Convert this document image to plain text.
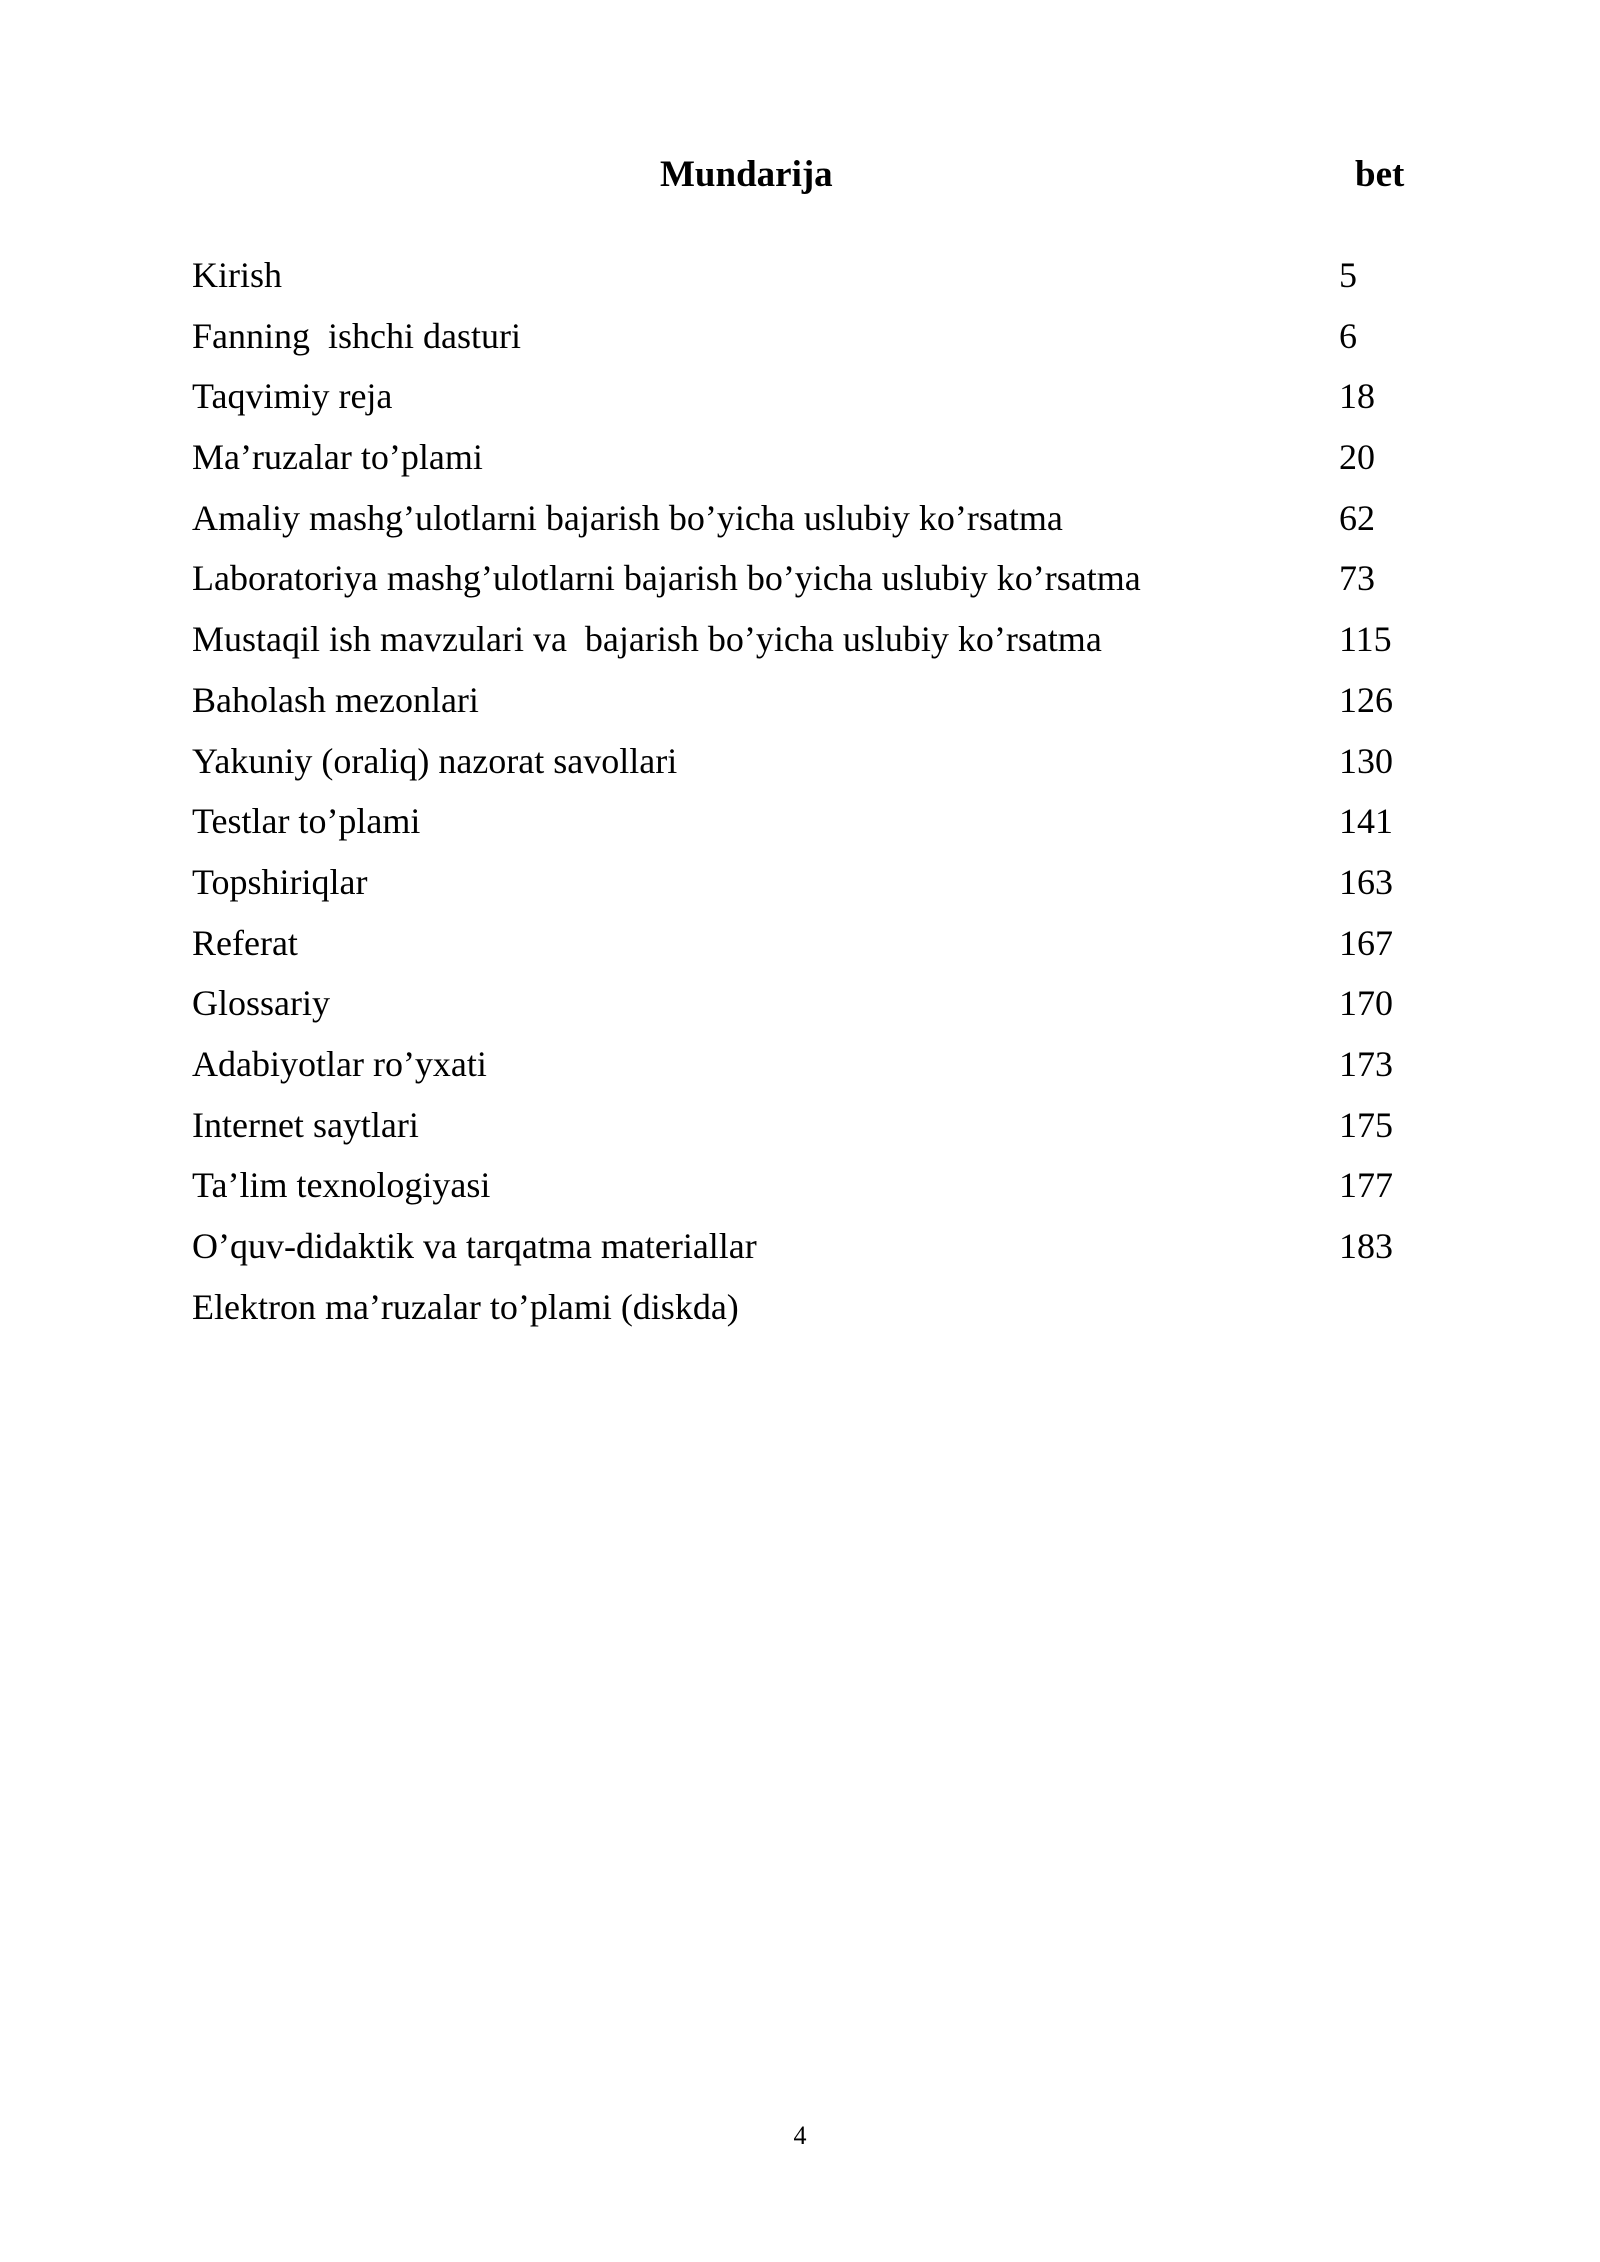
Mundarija	bet
Kirish	5
Fanning  ishchi dasturi	6
Taqvimiy reja	18
Ma’ruzalar to’plami	20
Amaliy mashg’ulotlarni bajarish bo’yicha uslubiy ko’rsatma	62
Laboratoriya mashg’ulotlarni bajarish bo’yicha uslubiy ko’rsatma	73
Mustaqil ish mavzulari va  bajarish bo’yicha uslubiy ko’rsatma	115
Baholash mezonlari	126
Yakuniy (oraliq) nazorat savollari	130
Testlar to’plami	141
Topshiriqlar	163
Referat	167
Glossariy	170
Adabiyotlar ro’yxati	173
Internet saytlari	175
Ta’lim texnologiyasi	177
O’quv-didaktik va tarqatma materiallar	183
Elektron ma’ruzalar to’plami (diskda)
4
